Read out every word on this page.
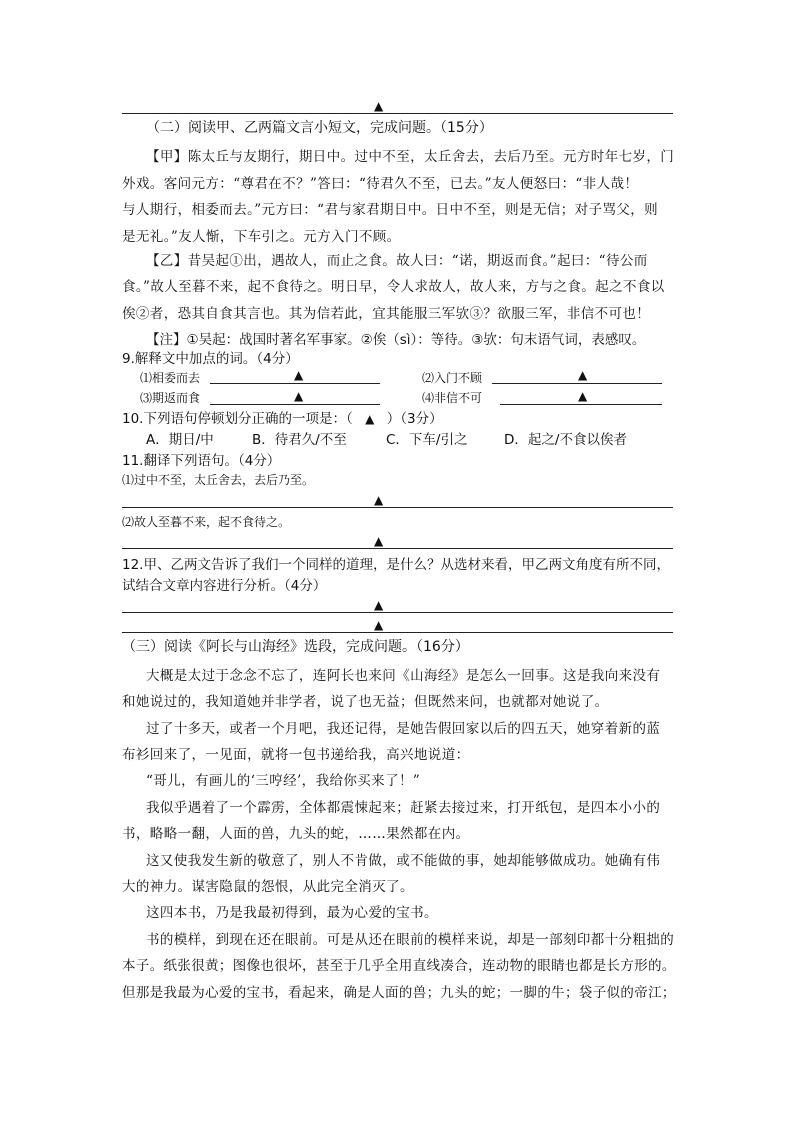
▲
（二）阅读甲、乙两篇文言小短文，完成问题。（15分）
【甲】陈太丘与友期行，期日中。过中不至，太丘舍去，去后乃至。元方时年七岁，门
外戏。客问元方：“尊君在不？”答曰：“待君久不至，已去。”友人便怒曰：“非人哉！
与人期行，相委而去。”元方曰：“君与家君期日中。日中不至，则是无信；对子骂父，则
是无礼。”友人惭，下车引之。元方入门不顾。
【乙】昔吴起①出，遇故人，而止之食。故人曰：“诺，期返而食。”起曰：“待公而
食。”故人至暮不来，起不食待之。明日早，令人求故人，故人来，方与之食。起之不食以
俟②者，恐其自食其言也。其为信若此，宜其能服三军欤③？欲服三军，非信不可也！
【注】①吴起：战国时著名军事家。②俟（sì）：等待。③欤：句末语气词，表感叹。
9.解释文中加点的词。（4分）
⑴相委而去	▲	⑵入门不顾	▲
⑶期返而食	▲	⑷非信不可	▲
10.下列语句停顿划分正确的一项是：（ ▲ ）（3分）
A．期日/中	B．待君久/不至	C．下车/引之	D．起之/不食以俟者
11.翻译下列语句。（4分）
⑴过中不至，太丘舍去，去后乃至。
▲
⑵故人至暮不来，起不食待之。
▲
12.甲、乙两文告诉了我们一个同样的道理，是什么？从选材来看，甲乙两文角度有所不同，
试结合文章内容进行分析。（4分）
▲
▲
（三）阅读《阿长与山海经》选段，完成问题。（16分）
大概是太过于念念不忘了，连阿长也来问《山海经》是怎么一回事。这是我向来没有
和她说过的，我知道她并非学者，说了也无益；但既然来问，也就都对她说了。
过了十多天，或者一个月吧，我还记得，是她告假回家以后的四五天，她穿着新的蓝
布衫回来了，一见面，就将一包书递给我，高兴地说道：
“哥儿，有画儿的‘三哼经’，我给你买来了！”
我似乎遇着了一个霹雳，全体都震悚起来；赶紧去接过来，打开纸包，是四本小小的
书，略略一翻，人面的兽，九头的蛇，……果然都在内。
这又使我发生新的敬意了，别人不肯做，或不能做的事，她却能够做成功。她确有伟
大的神力。谋害隐鼠的怨恨，从此完全消灭了。
这四本书，乃是我最初得到，最为心爱的宝书。
书的模样，到现在还在眼前。可是从还在眼前的模样来说，却是一部刻印都十分粗拙的
本子。纸张很黄；图像也很坏，甚至于几乎全用直线凑合，连动物的眼睛也都是长方形的。
但那是我最为心爱的宝书，看起来，确是人面的兽；九头的蛇；一脚的牛；袋子似的帝江；
